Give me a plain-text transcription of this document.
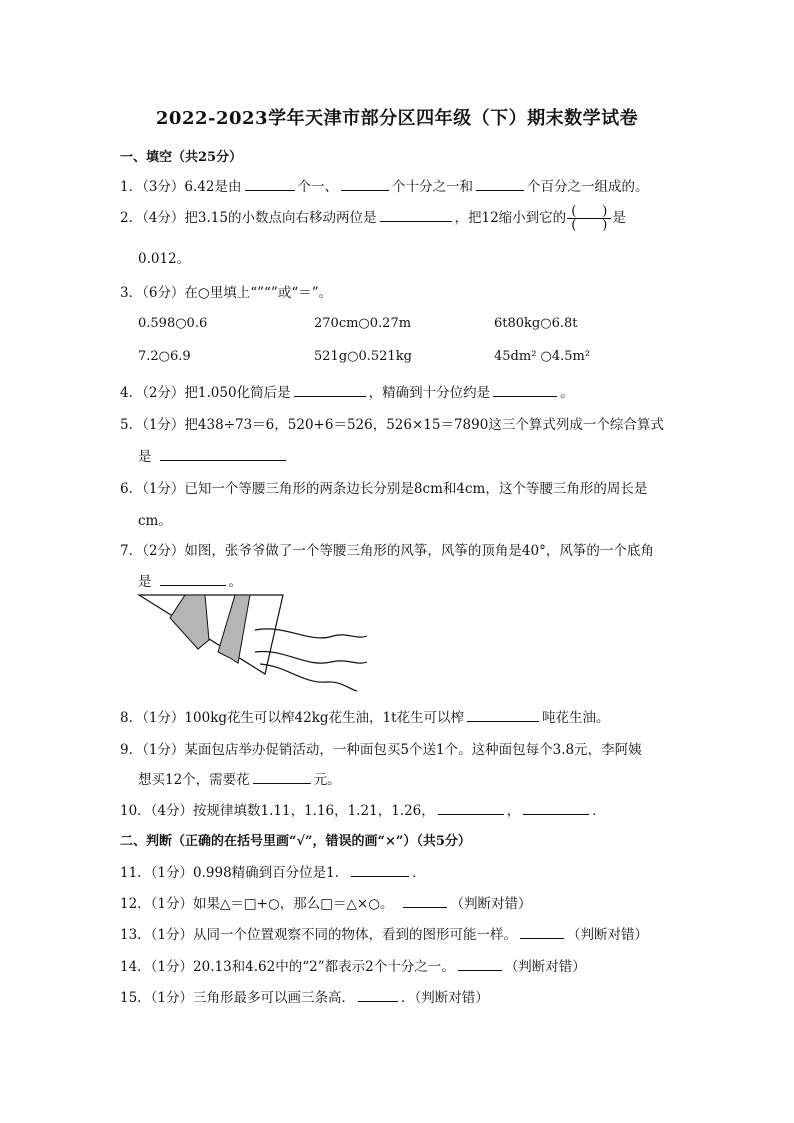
2022-2023学年天津市部分区四年级（下）期末数学试卷
一、填空（共25分）
1．（3分）6.42是由	个一、	个十分之一和	个百分之一组成的。
2．（4分）把3.15的小数点向右移动两位是	，把12缩小到它的 $\frac{( )}{( )}$ 是
0.012。
3．（6分）在○里填上“”“”或“＝”。
0.598○0.6	270cm○0.27m	6t80kg○6.8t
7.2○6.9	521g○0.521kg	45dm² ○4.5m²
4．（2分）把1.050化简后是	，精确到十分位约是	。
5．（1分）把438÷73＝6，520+6＝526，526×15＝7890这三个算式列成一个综合算式
是
6．（1分）已知一个等腰三角形的两条边长分别是8cm和4cm，这个等腰三角形的周长是
cm。
7．（2分）如图，张爷爷做了一个等腰三角形的风筝，风筝的顶角是40°，风筝的一个底角
是	。
8．（1分）100kg花生可以榨42kg花生油，1t花生可以榨	吨花生油。
9．（1分）某面包店举办促销活动，一种面包买5个送1个。这种面包每个3.8元，李阿姨
想买12个，需要花	元。
10．（4分）按规律填数1.11，1.16，1.21，1.26，	，	．
二、判断（正确的在括号里画“√”，错误的画“×”）（共5分）
11．（1分）0.998精确到百分位是1．	．
12．（1分）如果△＝□+○，那么□＝△×○。	（判断对错）
13．（1分）从同一个位置观察不同的物体，看到的图形可能一样。	（判断对错）
14．（1分）20.13和4.62中的“2”都表示2个十分之一。	（判断对错）
15．（1分）三角形最多可以画三条高．	．（判断对错）
